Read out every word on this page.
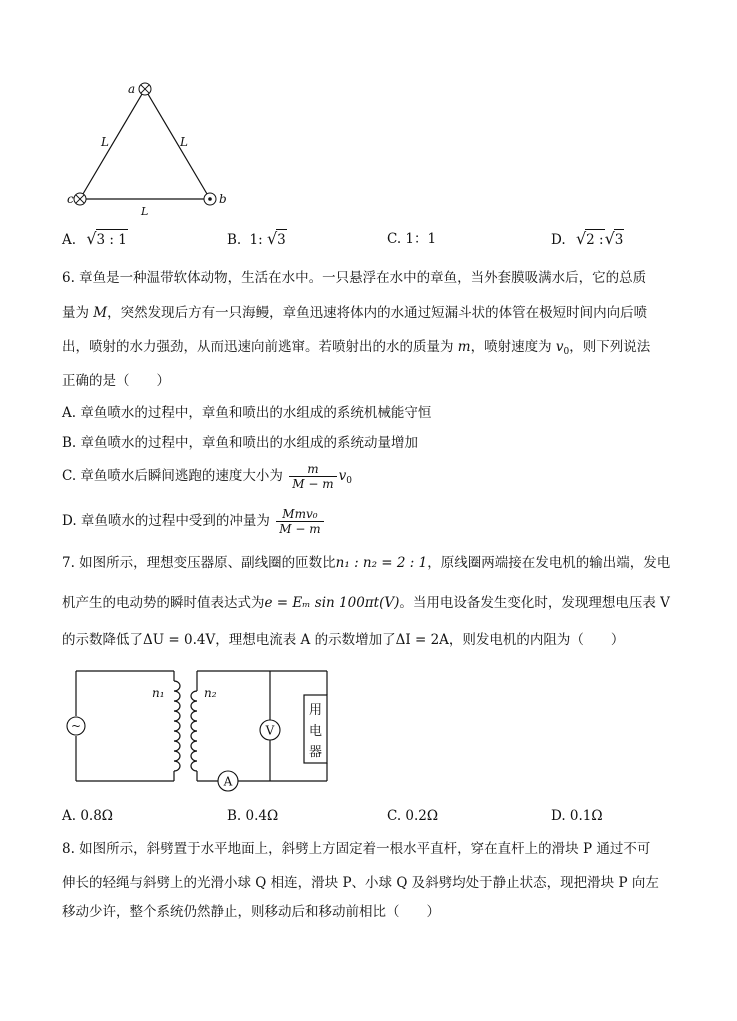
a
c	b
L	L
L
A. √3 : 1	B. 1: √3	C. 1：1	D. √2 :√3
6. 章鱼是一种温带软体动物，生活在水中。一只悬浮在水中的章鱼，当外套膜吸满水后，它的总质
量为 M，突然发现后方有一只海鳗，章鱼迅速将体内的水通过短漏斗状的体管在极短时间内向后喷
出，喷射的水力强劲，从而迅速向前逃窜。若喷射出的水的质量为 m，喷射速度为 $v_0$，则下列说法
正确的是（　　）
A. 章鱼喷水的过程中，章鱼和喷出的水组成的系统机械能守恒
B. 章鱼喷水的过程中，章鱼和喷出的水组成的系统动量增加
C. 章鱼喷水后瞬间逃跑的速度大小为 $\frac{m}{M - m} v_0$
D. 章鱼喷水的过程中受到的冲量为 $\frac{\text{Mmv₀}}{M - m}$
7. 如图所示，理想变压器原、副线圈的匝数比n₁ : n₂ = 2 : 1，原线圈两端接在发电机的输出端，发电
机产生的电动势的瞬时值表达式为e = Eₘ sin 100πt(V)。当用电设备发生变化时，发现理想电压表 V
的示数降低了ΔU = 0.4V，理想电流表 A 的示数增加了ΔI = 2A，则发电机的内阻为（　　）
~
n₁	n₂
V
A
用
电
器
A. 0.8Ω	B. 0.4Ω	C. 0.2Ω	D. 0.1Ω
8. 如图所示，斜劈置于水平地面上，斜劈上方固定着一根水平直杆，穿在直杆上的滑块 P 通过不可
伸长的轻绳与斜劈上的光滑小球 Q 相连，滑块 P、小球 Q 及斜劈均处于静止状态，现把滑块 P 向左
移动少许，整个系统仍然静止，则移动后和移动前相比（　　）
